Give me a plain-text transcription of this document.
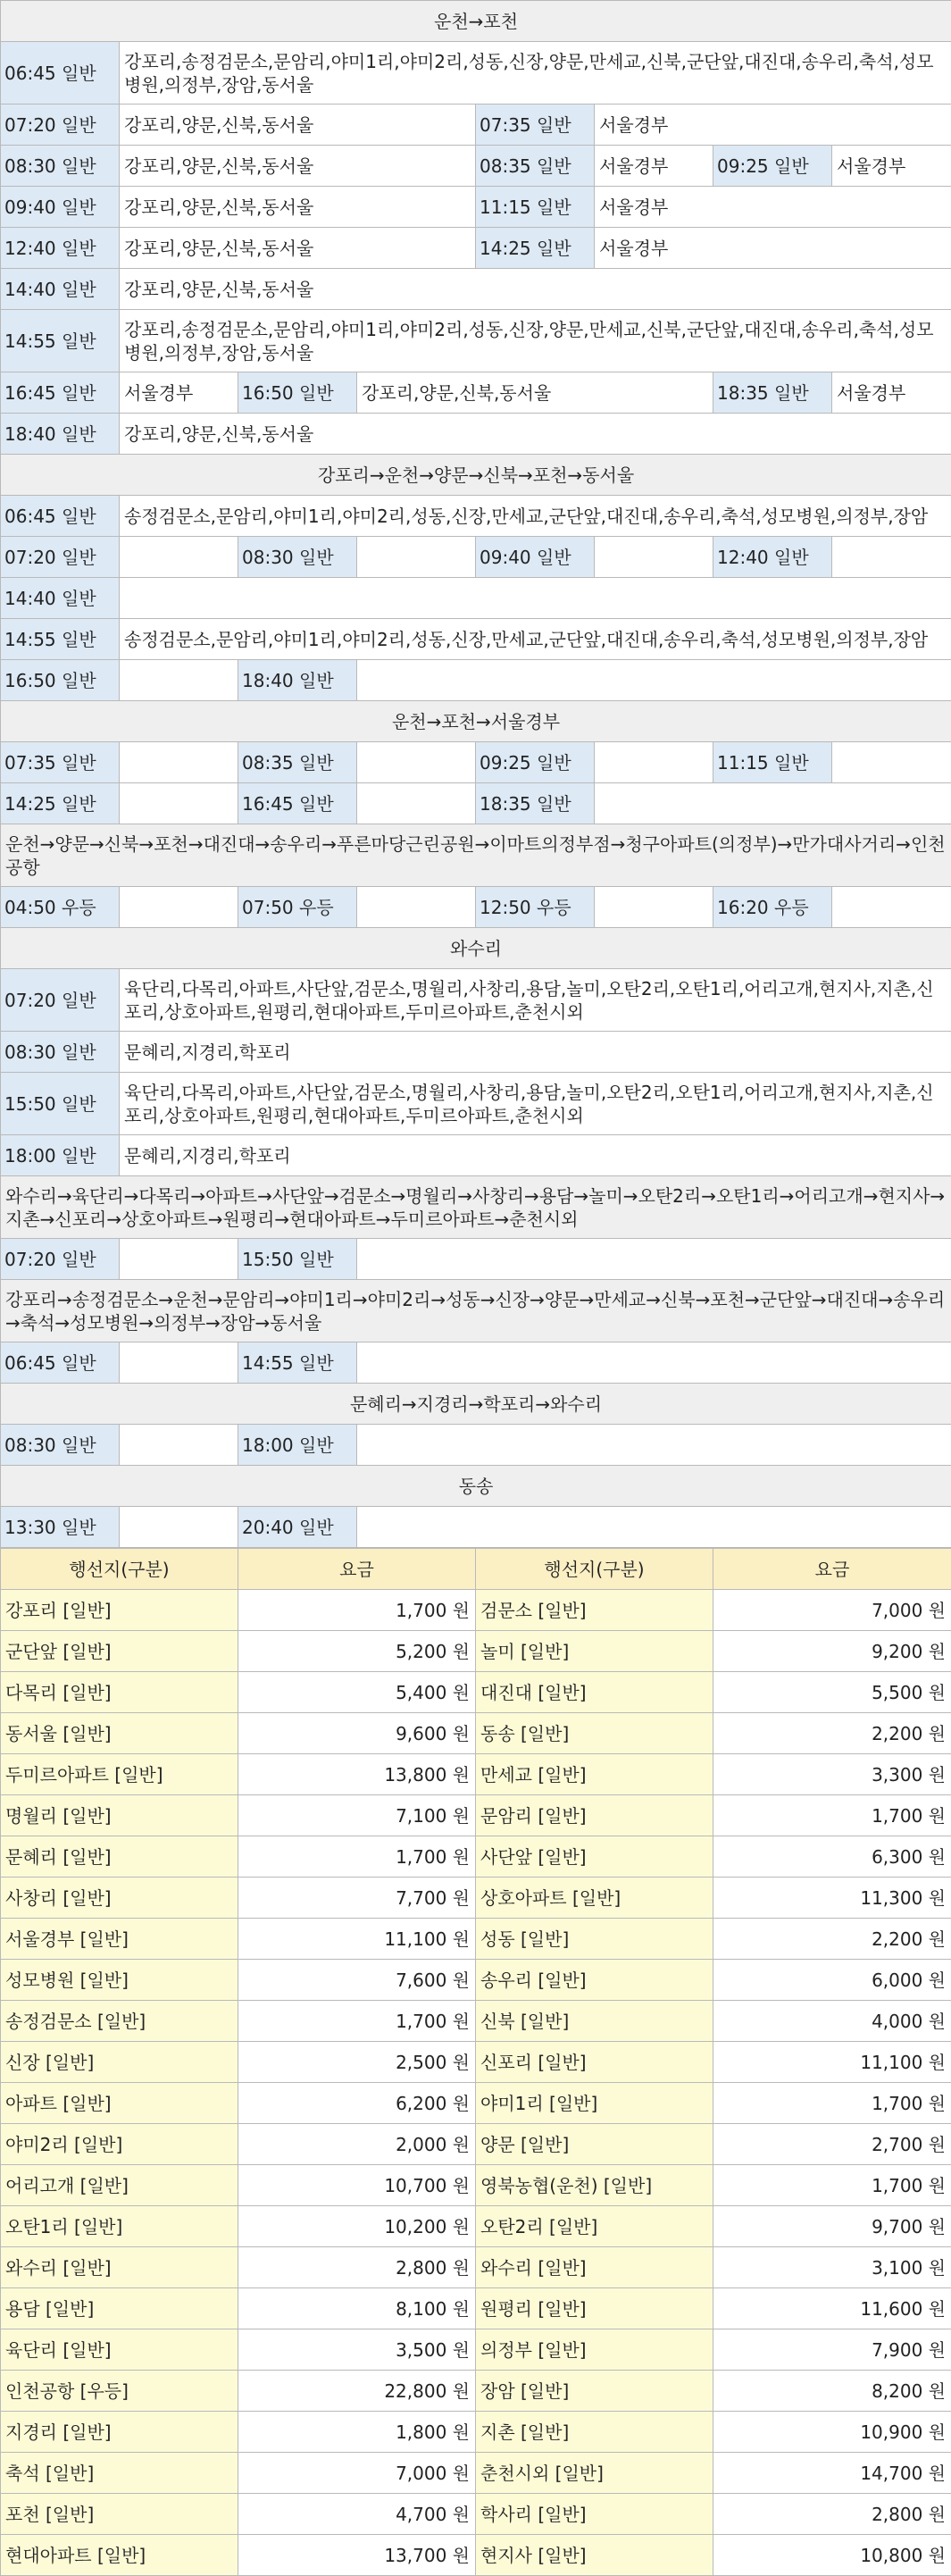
운천→포천							
06:45 일반	강포리,송정검문소,문암리,야미1리,야미2리,성동,신장,양문,만세교,신북,군단앞,대진대,송우리,축석,성모병원,의정부,장암,동서울						
07:20 일반	강포리,양문,신북,동서울			07:35 일반	서울경부		
08:30 일반	강포리,양문,신북,동서울			08:35 일반	서울경부	09:25 일반	서울경부
09:40 일반	강포리,양문,신북,동서울			11:15 일반	서울경부		
12:40 일반	강포리,양문,신북,동서울			14:25 일반	서울경부		
14:40 일반	강포리,양문,신북,동서울						
14:55 일반	강포리,송정검문소,문암리,야미1리,야미2리,성동,신장,양문,만세교,신북,군단앞,대진대,송우리,축석,성모병원,의정부,장암,동서울						
16:45 일반	서울경부	16:50 일반	강포리,양문,신북,동서울			18:35 일반	서울경부
18:40 일반	강포리,양문,신북,동서울						
강포리→운천→양문→신북→포천→동서울							
06:45 일반	송정검문소,문암리,야미1리,야미2리,성동,신장,만세교,군단앞,대진대,송우리,축석,성모병원,의정부,장암						
07:20 일반		08:30 일반		09:40 일반		12:40 일반	
14:40 일반							
14:55 일반	송정검문소,문암리,야미1리,야미2리,성동,신장,만세교,군단앞,대진대,송우리,축석,성모병원,의정부,장암						
16:50 일반		18:40 일반					
운천→포천→서울경부							
07:35 일반		08:35 일반		09:25 일반		11:15 일반	
14:25 일반		16:45 일반		18:35 일반			
운천→양문→신북→포천→대진대→송우리→푸른마당근린공원→이마트의정부점→청구아파트(의정부)→만가대사거리→인천공항							
04:50 우등		07:50 우등		12:50 우등		16:20 우등	
와수리							
07:20 일반	육단리,다목리,아파트,사단앞,검문소,명월리,사창리,용담,놀미,오탄2리,오탄1리,어리고개,현지사,지촌,신포리,상호아파트,원평리,현대아파트,두미르아파트,춘천시외						
08:30 일반	문혜리,지경리,학포리						
15:50 일반	육단리,다목리,아파트,사단앞,검문소,명월리,사창리,용담,놀미,오탄2리,오탄1리,어리고개,현지사,지촌,신포리,상호아파트,원평리,현대아파트,두미르아파트,춘천시외						
18:00 일반	문혜리,지경리,학포리						
와수리→육단리→다목리→아파트→사단앞→검문소→명월리→사창리→용담→놀미→오탄2리→오탄1리→어리고개→현지사→지촌→신포리→상호아파트→원평리→현대아파트→두미르아파트→춘천시외							
07:20 일반		15:50 일반					
강포리→송정검문소→운천→문암리→야미1리→야미2리→성동→신장→양문→만세교→신북→포천→군단앞→대진대→송우리→축석→성모병원→의정부→장암→동서울							
06:45 일반		14:55 일반					
문혜리→지경리→학포리→와수리							
08:30 일반		18:00 일반					
동송							
13:30 일반		20:40 일반					
행선지(구분)	요금	행선지(구분)	요금
강포리 [일반]	1,700 원	검문소 [일반]	7,000 원
군단앞 [일반]	5,200 원	놀미 [일반]	9,200 원
다목리 [일반]	5,400 원	대진대 [일반]	5,500 원
동서울 [일반]	9,600 원	동송 [일반]	2,200 원
두미르아파트 [일반]	13,800 원	만세교 [일반]	3,300 원
명월리 [일반]	7,100 원	문암리 [일반]	1,700 원
문혜리 [일반]	1,700 원	사단앞 [일반]	6,300 원
사창리 [일반]	7,700 원	상호아파트 [일반]	11,300 원
서울경부 [일반]	11,100 원	성동 [일반]	2,200 원
성모병원 [일반]	7,600 원	송우리 [일반]	6,000 원
송정검문소 [일반]	1,700 원	신북 [일반]	4,000 원
신장 [일반]	2,500 원	신포리 [일반]	11,100 원
아파트 [일반]	6,200 원	야미1리 [일반]	1,700 원
야미2리 [일반]	2,000 원	양문 [일반]	2,700 원
어리고개 [일반]	10,700 원	영북농협(운천) [일반]	1,700 원
오탄1리 [일반]	10,200 원	오탄2리 [일반]	9,700 원
와수리 [일반]	2,800 원	와수리 [일반]	3,100 원
용담 [일반]	8,100 원	원평리 [일반]	11,600 원
육단리 [일반]	3,500 원	의정부 [일반]	7,900 원
인천공항 [우등]	22,800 원	장암 [일반]	8,200 원
지경리 [일반]	1,800 원	지촌 [일반]	10,900 원
축석 [일반]	7,000 원	춘천시외 [일반]	14,700 원
포천 [일반]	4,700 원	학사리 [일반]	2,800 원
현대아파트 [일반]	13,700 원	현지사 [일반]	10,800 원
